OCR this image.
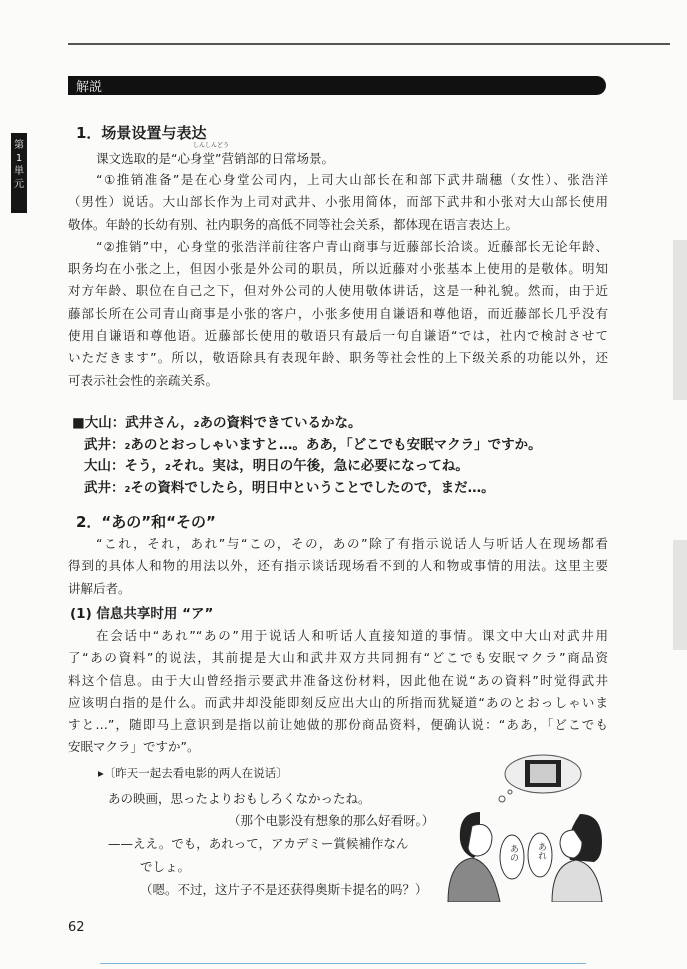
解説
第
1
単
元
1．场景设置与表达
しんしんどう
课文选取的是“心身堂”营销部的日常场景。
“①推销准备”是在心身堂公司内，上司大山部长在和部下武井瑞穗（女性）、张浩洋
（男性）说话。大山部长作为上司对武井、小张用简体，而部下武井和小张对大山部长使用
敬体。年龄的长幼有别、社内职务的高低不同等社会关系，都体现在语言表达上。
“②推销”中，心身堂的张浩洋前往客户青山商事与近藤部长洽谈。近藤部长无论年龄、
职务均在小张之上，但因小张是外公司的职员，所以近藤对小张基本上使用的是敬体。明知
对方年龄、职位在自己之下，但对外公司的人使用敬体讲话，这是一种礼貌。然而，由于近
藤部长所在公司青山商事是小张的客户，小张多使用自谦语和尊他语，而近藤部长几乎没有
使用自谦语和尊他语。近藤部长使用的敬语只有最后一句自谦语“では，社内で検討させて
いただきます”。所以，敬语除具有表现年龄、职务等社会性的上下级关系的功能以外，还
可表示社会性的亲疏关系。
■大山：武井さん，₂あの資料できているかな。
武井：₂あのとおっしゃいますと…。ああ，「どこでも安眠マクラ」ですか。
大山：そう，₂それ。実は，明日の午後，急に必要になってね。
武井：₂その資料でしたら，明日中ということでしたので，まだ…。
2．“あの”和“その”
“これ，それ，あれ”与“この，その，あの”除了有指示说话人与听话人在现场都看
得到的具体人和物的用法以外，还有指示谈话现场看不到的人和物或事情的用法。这里主要
讲解后者。
(1) 信息共享时用 “ア”
在会话中“あれ”“あの”用于说话人和听话人直接知道的事情。课文中大山对武井用
了“あの資料”的说法，其前提是大山和武井双方共同拥有“どこでも安眠マクラ”商品资
料这个信息。由于大山曾经指示要武井准备这份材料，因此他在说“あの資料”时觉得武井
应该明白指的是什么。而武井却没能即刻反应出大山的所指而犹疑道“あのとおっしゃいま
すと…”，随即马上意识到是指以前让她做的那份商品资料，便确认说：“ああ，「どこでも
安眠マクラ」ですか”。
▸〔昨天一起去看电影的两人在说话〕
あの映画，思ったよりおもしろくなかったね。
（那个电影没有想象的那么好看呀。）
——ええ。でも，あれって，アカデミー賞候補作なん
でしょ。
（嗯。不过，这片子不是还获得奥斯卡提名的吗？）
あの あれ
62
